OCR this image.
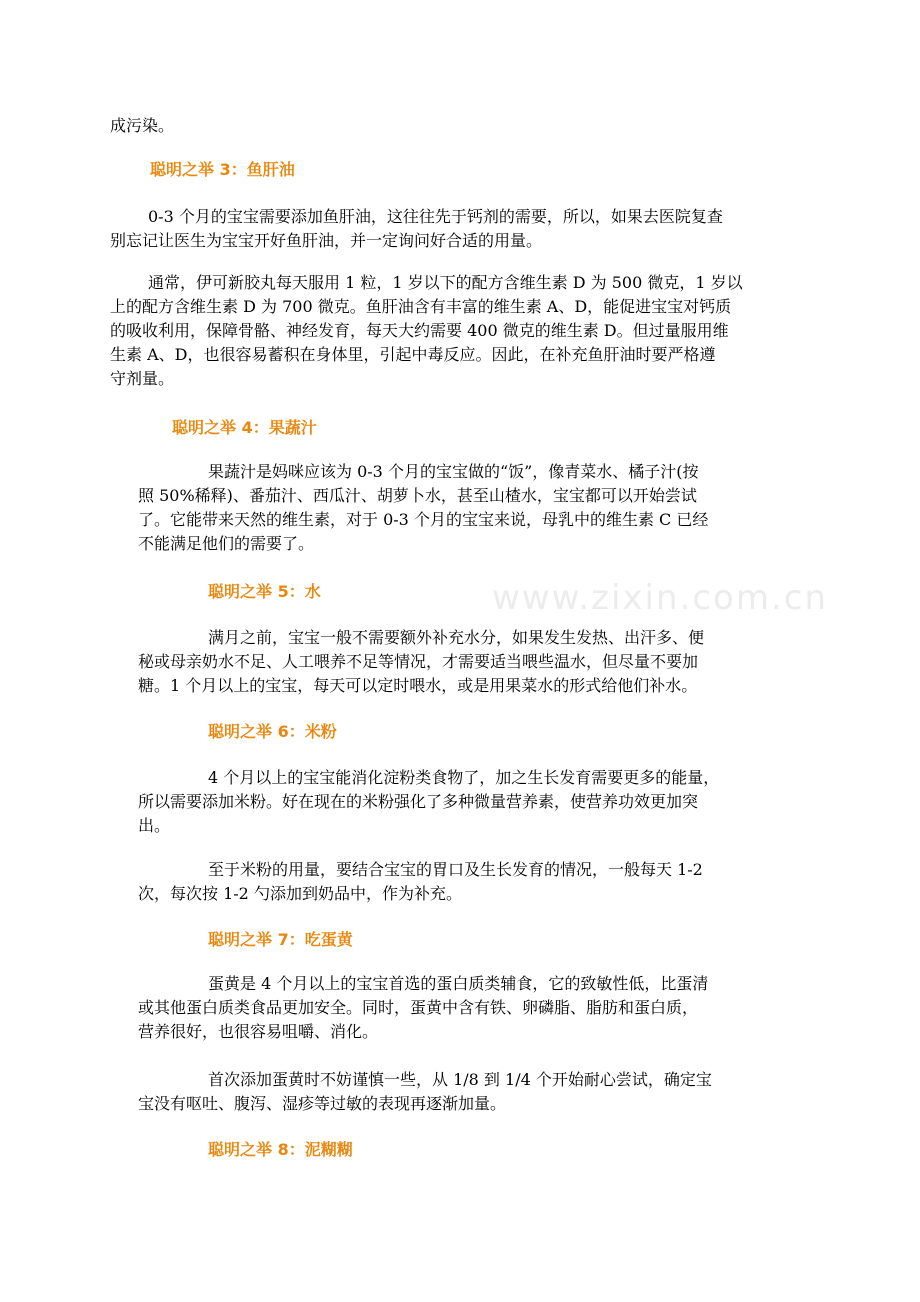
www.zixin.com.cn

成污染。

聪明之举 3：鱼肝油

0-3 个月的宝宝需要添加鱼肝油，这往往先于钙剂的需要，所以，如果去医院复查
别忘记让医生为宝宝开好鱼肝油，并一定询问好合适的用量。

通常，伊可新胶丸每天服用 1 粒，1 岁以下的配方含维生素 D 为 500 微克，1 岁以
上的配方含维生素 D 为 700 微克。鱼肝油含有丰富的维生素 A、D，能促进宝宝对钙质
的吸收利用，保障骨骼、神经发育，每天大约需要 400 微克的维生素 D。但过量服用维
生素 A、D，也很容易蓄积在身体里，引起中毒反应。因此，在补充鱼肝油时要严格遵
守剂量。

聪明之举 4：果蔬汁

果蔬汁是妈咪应该为 0-3 个月的宝宝做的“饭”，像青菜水、橘子汁(按
照 50%稀释)、番茄汁、西瓜汁、胡萝卜水，甚至山楂水，宝宝都可以开始尝试
了。它能带来天然的维生素，对于 0-3 个月的宝宝来说，母乳中的维生素 C 已经
不能满足他们的需要了。

聪明之举 5：水

满月之前，宝宝一般不需要额外补充水分，如果发生发热、出汗多、便
秘或母亲奶水不足、人工喂养不足等情况，才需要适当喂些温水，但尽量不要加
糖。1 个月以上的宝宝，每天可以定时喂水，或是用果菜水的形式给他们补水。

聪明之举 6：米粉

4 个月以上的宝宝能消化淀粉类食物了，加之生长发育需要更多的能量，
所以需要添加米粉。好在现在的米粉强化了多种微量营养素，使营养功效更加突
出。

至于米粉的用量，要结合宝宝的胃口及生长发育的情况，一般每天 1-2
次，每次按 1-2 勺添加到奶品中，作为补充。

聪明之举 7：吃蛋黄

蛋黄是 4 个月以上的宝宝首选的蛋白质类辅食，它的致敏性低，比蛋清
或其他蛋白质类食品更加安全。同时，蛋黄中含有铁、卵磷脂、脂肪和蛋白质，
营养很好，也很容易咀嚼、消化。

首次添加蛋黄时不妨谨慎一些，从 1/8 到 1/4 个开始耐心尝试，确定宝
宝没有呕吐、腹泻、湿疹等过敏的表现再逐渐加量。

聪明之举 8：泥糊糊
